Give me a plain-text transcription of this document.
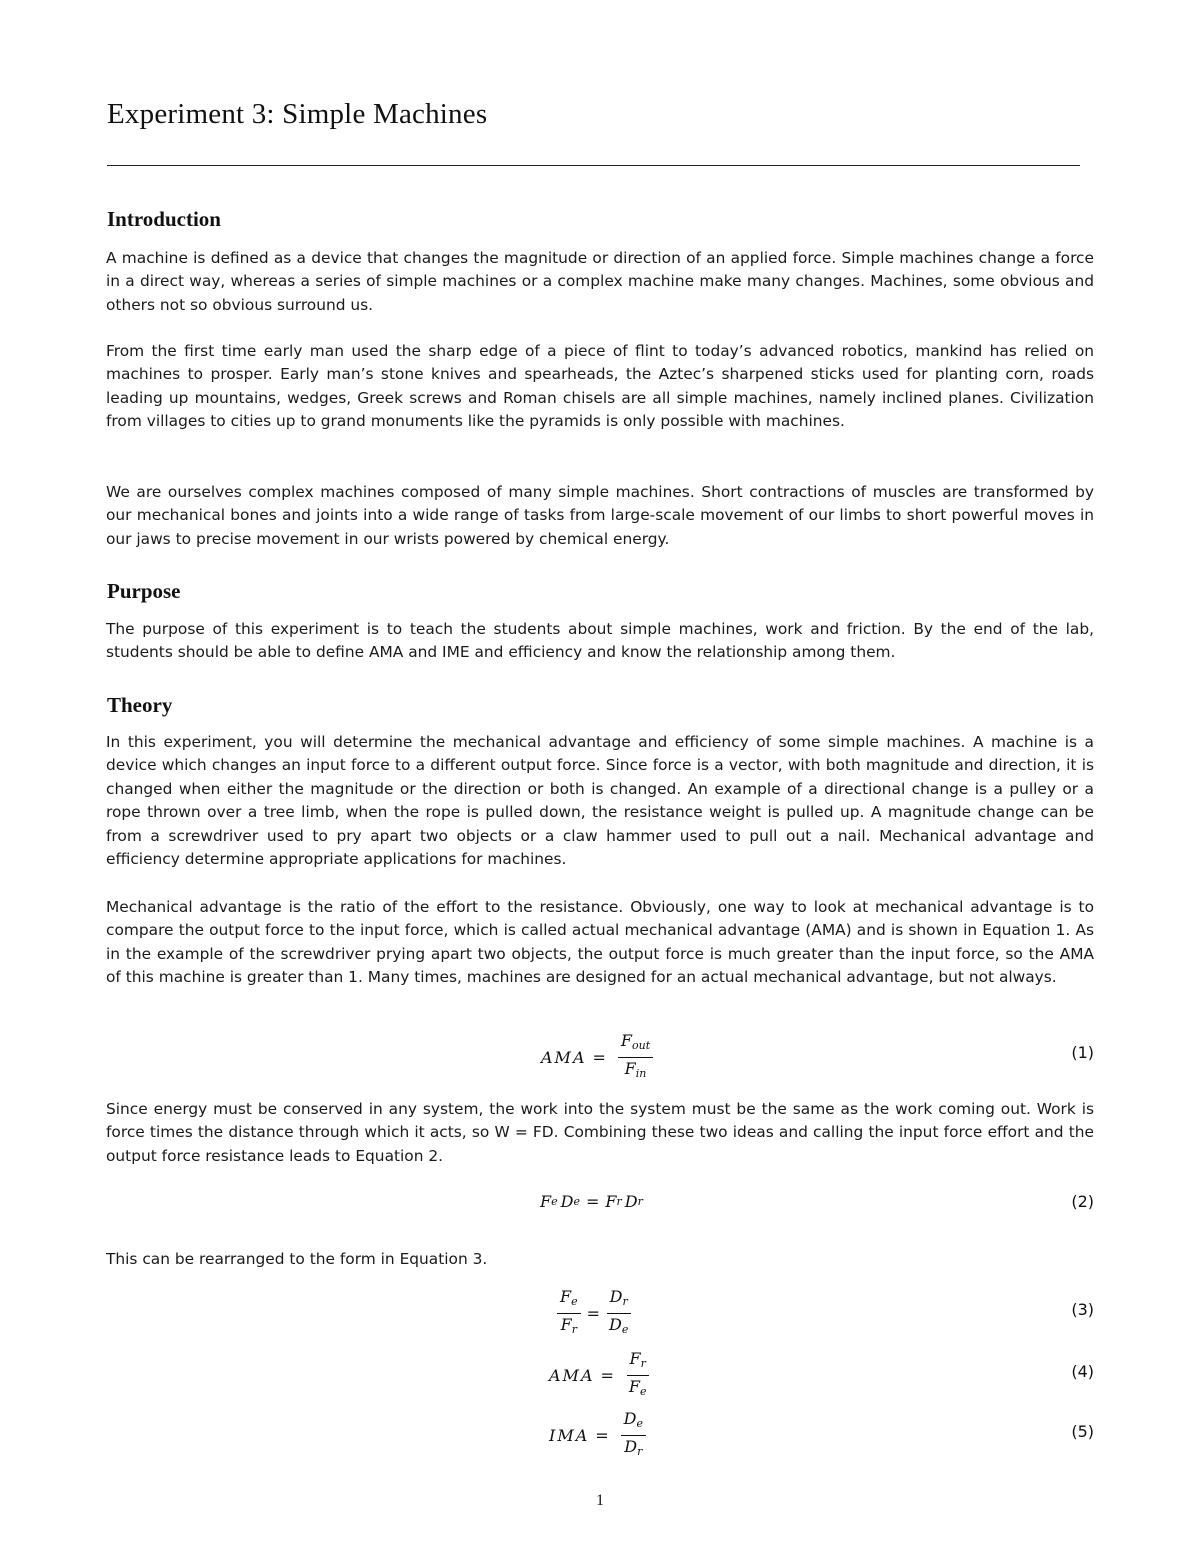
Experiment 3: Simple Machines
Introduction

A machine is defined as a device that changes the magnitude or direction of an applied force. Simple machines change a force in a direct way, whereas a series of simple machines or a complex machine make many changes. Machines, some obvious and others not so obvious surround us.

From the first time early man used the sharp edge of a piece of flint to today’s advanced robotics, mankind has relied on machines to prosper. Early man’s stone knives and spearheads, the Aztec’s sharpened sticks used for planting corn, roads leading up mountains, wedges, Greek screws and Roman chisels are all simple machines, namely inclined planes. Civilization from villages to cities up to grand monuments like the pyramids is only possible with machines.

We are ourselves complex machines composed of many simple machines. Short contractions of muscles are transformed by our mechanical bones and joints into a wide range of tasks from large-scale movement of our limbs to short powerful moves in our jaws to precise movement in our wrists powered by chemical energy.

Purpose

The purpose of this experiment is to teach the students about simple machines, work and friction. By the end of the lab, students should be able to define AMA and IME and efficiency and know the relationship among them.

Theory

In this experiment, you will determine the mechanical advantage and efficiency of some simple machines. A machine is a device which changes an input force to a different output force. Since force is a vector, with both magnitude and direction, it is changed when either the magnitude or the direction or both is changed. An example of a directional change is a pulley or a rope thrown over a tree limb, when the rope is pulled down, the resistance weight is pulled up. A magnitude change can be from a screwdriver used to pry apart two objects or a claw hammer used to pull out a nail. Mechanical advantage and efficiency determine appropriate applications for machines.

Mechanical advantage is the ratio of the effort to the resistance. Obviously, one way to look at mechanical advantage is to compare the output force to the input force, which is called actual mechanical advantage (AMA) and is shown in Equation 1. As in the example of the screwdriver prying apart two objects, the output force is much greater than the input force, so the AMA of this machine is greater than 1. Many times, machines are designed for an actual mechanical advantage, but not always.

AMA = $\frac{F_{out}}{F_{in}}$	(1)

Since energy must be conserved in any system, the work into the system must be the same as the work coming out. Work is force times the distance through which it acts, so W = FD. Combining these two ideas and calling the input force effort and the output force resistance leads to Equation 2.

F e D e = F r D r	(2)

This can be rearranged to the form in Equation 3.

$\frac{F_e}{F_r} = \frac{D_r}{D_e}$	(3)
AMA = $\frac{F_r}{F_e}$	(4)
IMA = $\frac{D_e}{D_r}$	(5)
1
